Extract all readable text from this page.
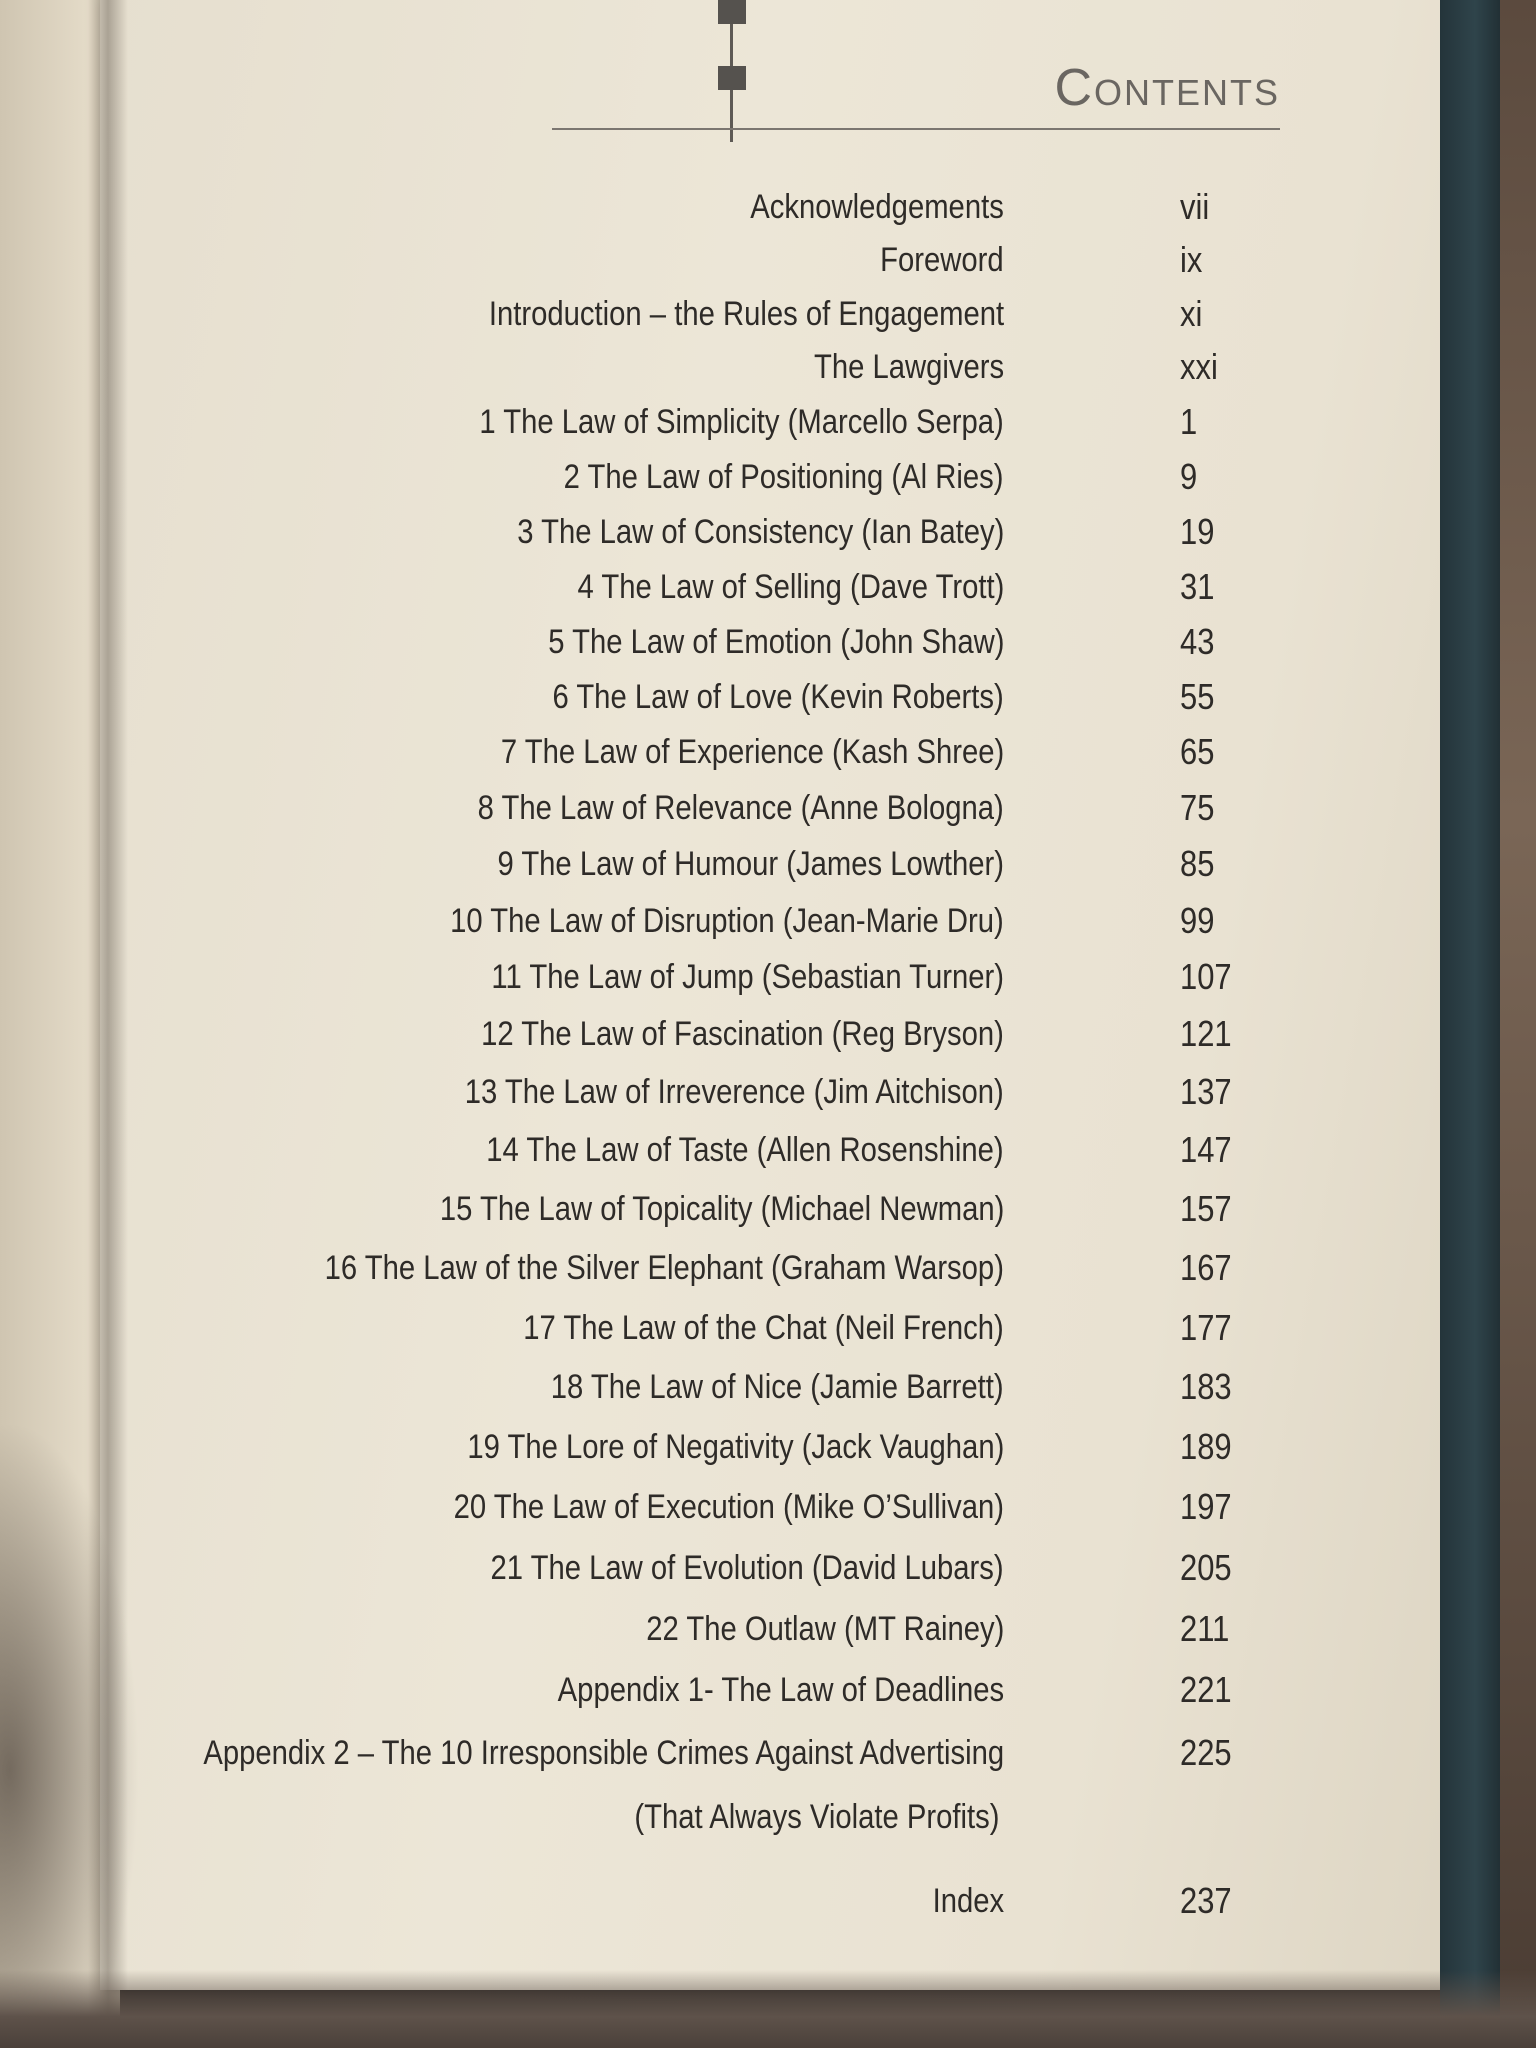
Contents
Acknowledgements	vii
Foreword	ix
Introduction – the Rules of Engagement	xi
The Lawgivers	xxi
1 The Law of Simplicity (Marcello Serpa)	1
2 The Law of Positioning (Al Ries)	9
3 The Law of Consistency (Ian Batey)	19
4 The Law of Selling (Dave Trott)	31
5 The Law of Emotion (John Shaw)	43
6 The Law of Love (Kevin Roberts)	55
7 The Law of Experience (Kash Shree)	65
8 The Law of Relevance (Anne Bologna)	75
9 The Law of Humour (James Lowther)	85
10 The Law of Disruption (Jean-Marie Dru)	99
11 The Law of Jump (Sebastian Turner)	107
12 The Law of Fascination (Reg Bryson)	121
13 The Law of Irreverence (Jim Aitchison)	137
14 The Law of Taste (Allen Rosenshine)	147
15 The Law of Topicality (Michael Newman)	157
16 The Law of the Silver Elephant (Graham Warsop)	167
17 The Law of the Chat (Neil French)	177
18 The Law of Nice (Jamie Barrett)	183
19 The Lore of Negativity (Jack Vaughan)	189
20 The Law of Execution (Mike O’Sullivan)	197
21 The Law of Evolution (David Lubars)	205
22 The Outlaw (MT Rainey)	211
Appendix 1- The Law of Deadlines	221
Appendix 2 – The 10 Irresponsible Crimes Against Advertising	225
(That Always Violate Profits)
Index	237
